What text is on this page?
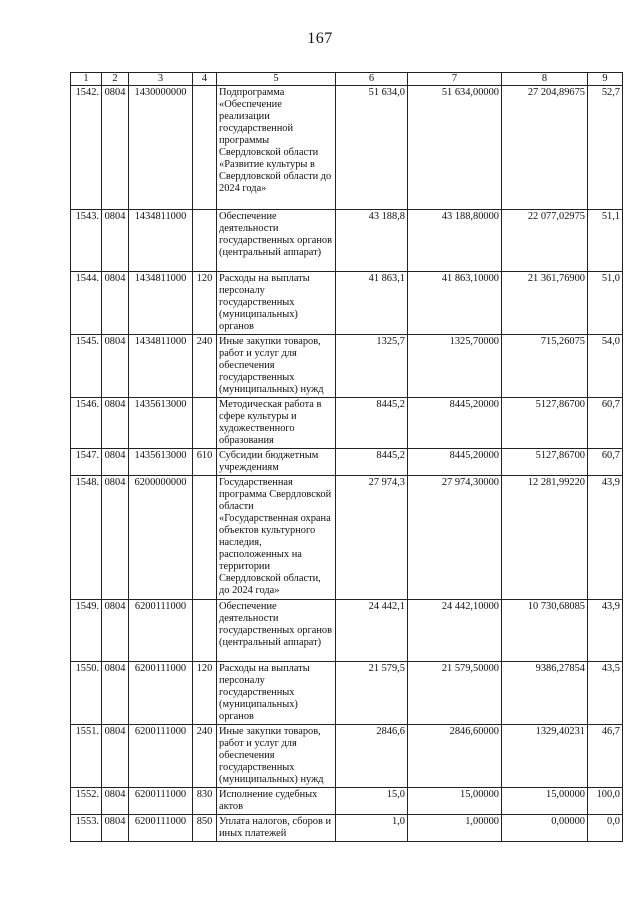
167
1	2	3	4	5	6	7	8	9
1542.	0804	1430000000		Подпрограмма «Обеспечение реализации государственной программы Свердловской области «Развитие культуры в Свердловской области до 2024 года»	51 634,0	51 634,00000	27 204,89675	52,7
1543.	0804	1434811000		Обеспечение деятельности государственных органов (центральный аппарат)	43 188,8	43 188,80000	22 077,02975	51,1
1544.	0804	1434811000	120	Расходы на выплаты персоналу государственных (муниципальных) органов	41 863,1	41 863,10000	21 361,76900	51,0
1545.	0804	1434811000	240	Иные закупки товаров, работ и услуг для обеспечения государственных (муниципальных) нужд	1325,7	1325,70000	715,26075	54,0
1546.	0804	1435613000		Методическая работа в сфере культуры и художественного образования	8445,2	8445,20000	5127,86700	60,7
1547.	0804	1435613000	610	Субсидии бюджетным учреждениям	8445,2	8445,20000	5127,86700	60,7
1548.	0804	6200000000		Государственная программа Свердловской области «Государственная охрана объектов культурного наследия, расположенных на территории Свердловской области, до 2024 года»	27 974,3	27 974,30000	12 281,99220	43,9
1549.	0804	6200111000		Обеспечение деятельности государственных органов (центральный аппарат)	24 442,1	24 442,10000	10 730,68085	43,9
1550.	0804	6200111000	120	Расходы на выплаты персоналу государственных (муниципальных) органов	21 579,5	21 579,50000	9386,27854	43,5
1551.	0804	6200111000	240	Иные закупки товаров, работ и услуг для обеспечения государственных (муниципальных) нужд	2846,6	2846,60000	1329,40231	46,7
1552.	0804	6200111000	830	Исполнение судебных актов	15,0	15,00000	15,00000	100,0
1553.	0804	6200111000	850	Уплата налогов, сборов и иных платежей	1,0	1,00000	0,00000	0,0
